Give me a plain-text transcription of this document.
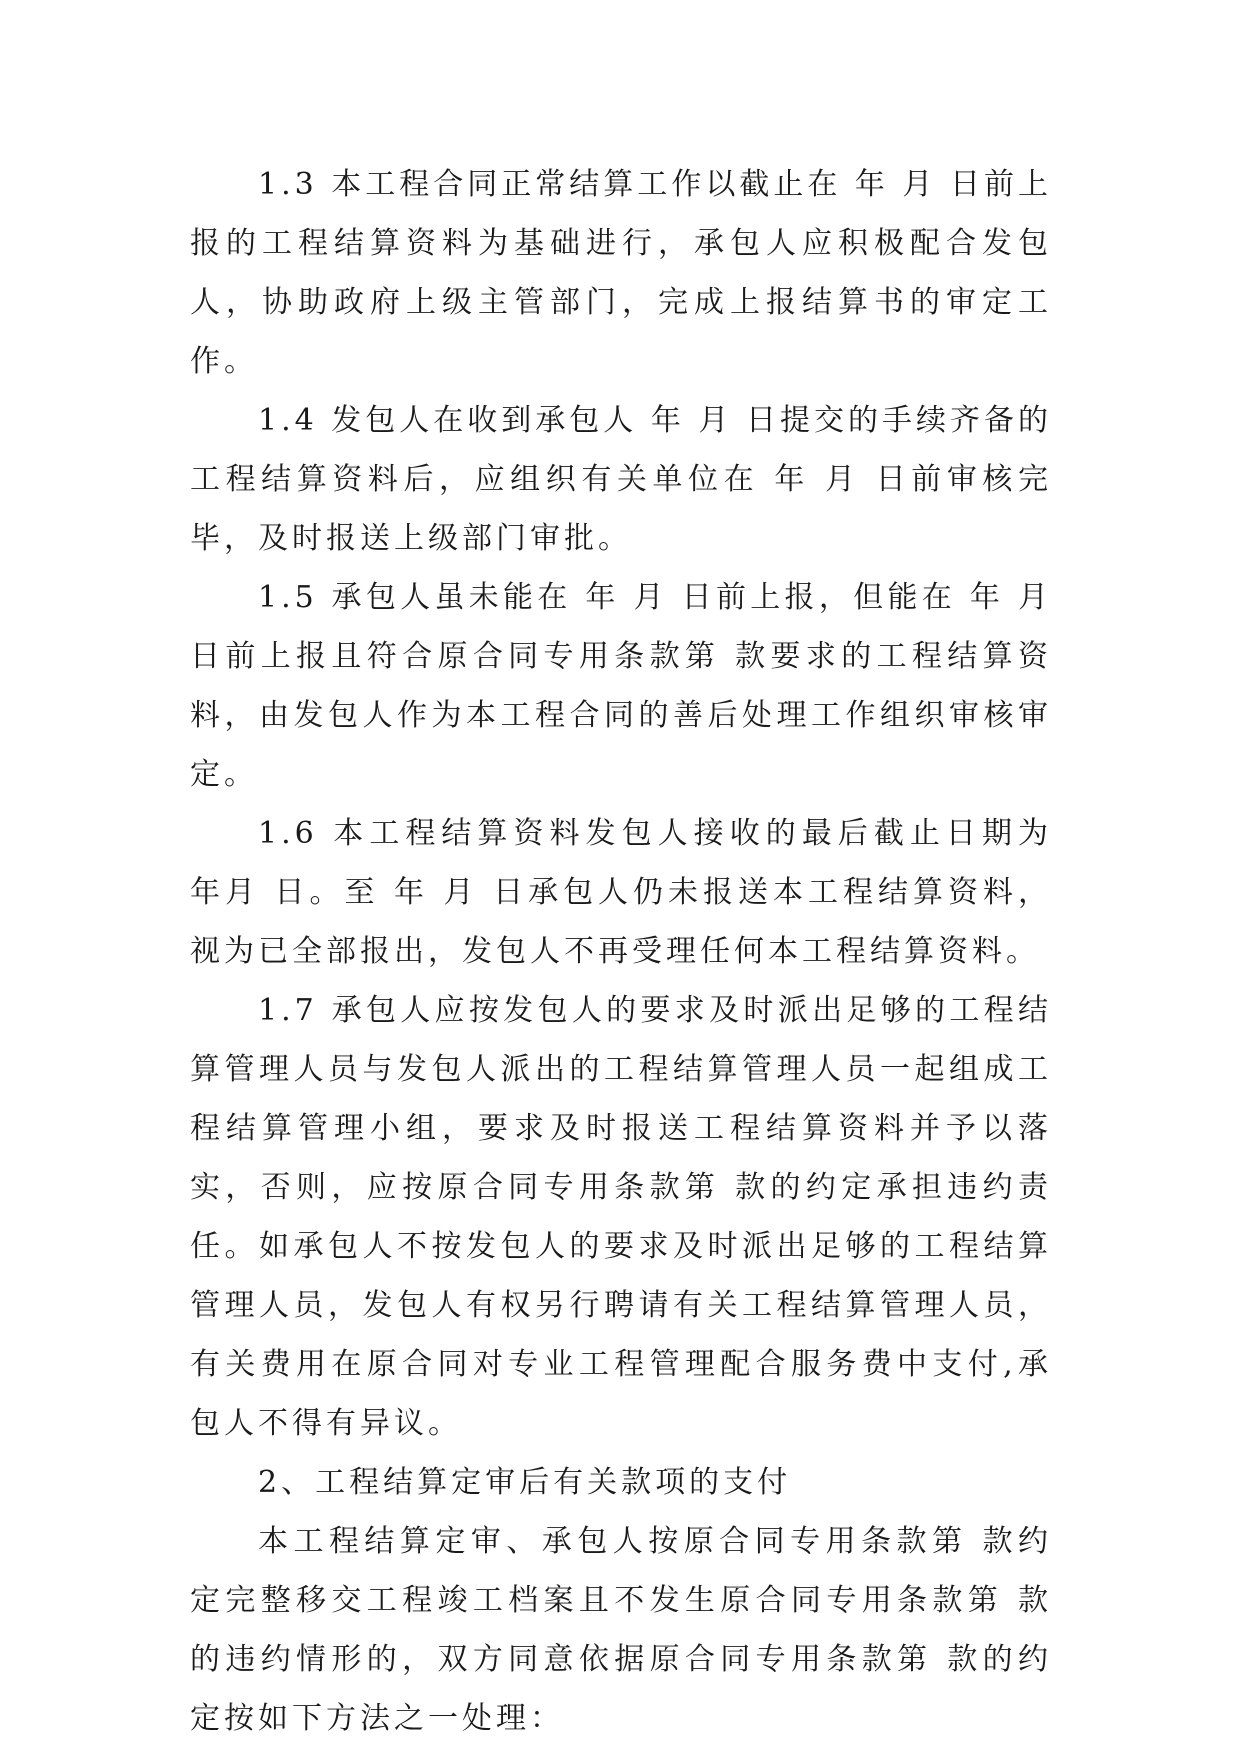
1.3 本工程合同正常结算工作以截止在 年 月 日前上报的工程结算资料为基础进行，承包人应积极配合发包人，协助政府上级主管部门，完成上报结算书的审定工作。

1.4 发包人在收到承包人 年 月 日提交的手续齐备的工程结算资料后，应组织有关单位在 年 月 日前审核完毕，及时报送上级部门审批。

1.5 承包人虽未能在 年 月 日前上报，但能在 年 月日前上报且符合原合同专用条款第 款要求的工程结算资料，由发包人作为本工程合同的善后处理工作组织审核审定。

1.6 本工程结算资料发包人接收的最后截止日期为 年月 日。至 年 月 日承包人仍未报送本工程结算资料，视为已全部报出，发包人不再受理任何本工程结算资料。

1.7 承包人应按发包人的要求及时派出足够的工程结算管理人员与发包人派出的工程结算管理人员一起组成工程结算管理小组，要求及时报送工程结算资料并予以落实，否则，应按原合同专用条款第 款的约定承担违约责任。如承包人不按发包人的要求及时派出足够的工程结算管理人员，发包人有权另行聘请有关工程结算管理人员，有关费用在原合同对专业工程管理配合服务费中支付,承包人不得有异议。

2、工程结算定审后有关款项的支付

本工程结算定审、承包人按原合同专用条款第 款约定完整移交工程竣工档案且不发生原合同专用条款第 款的违约情形的，双方同意依据原合同专用条款第 款的约定按如下方法之一处理：
